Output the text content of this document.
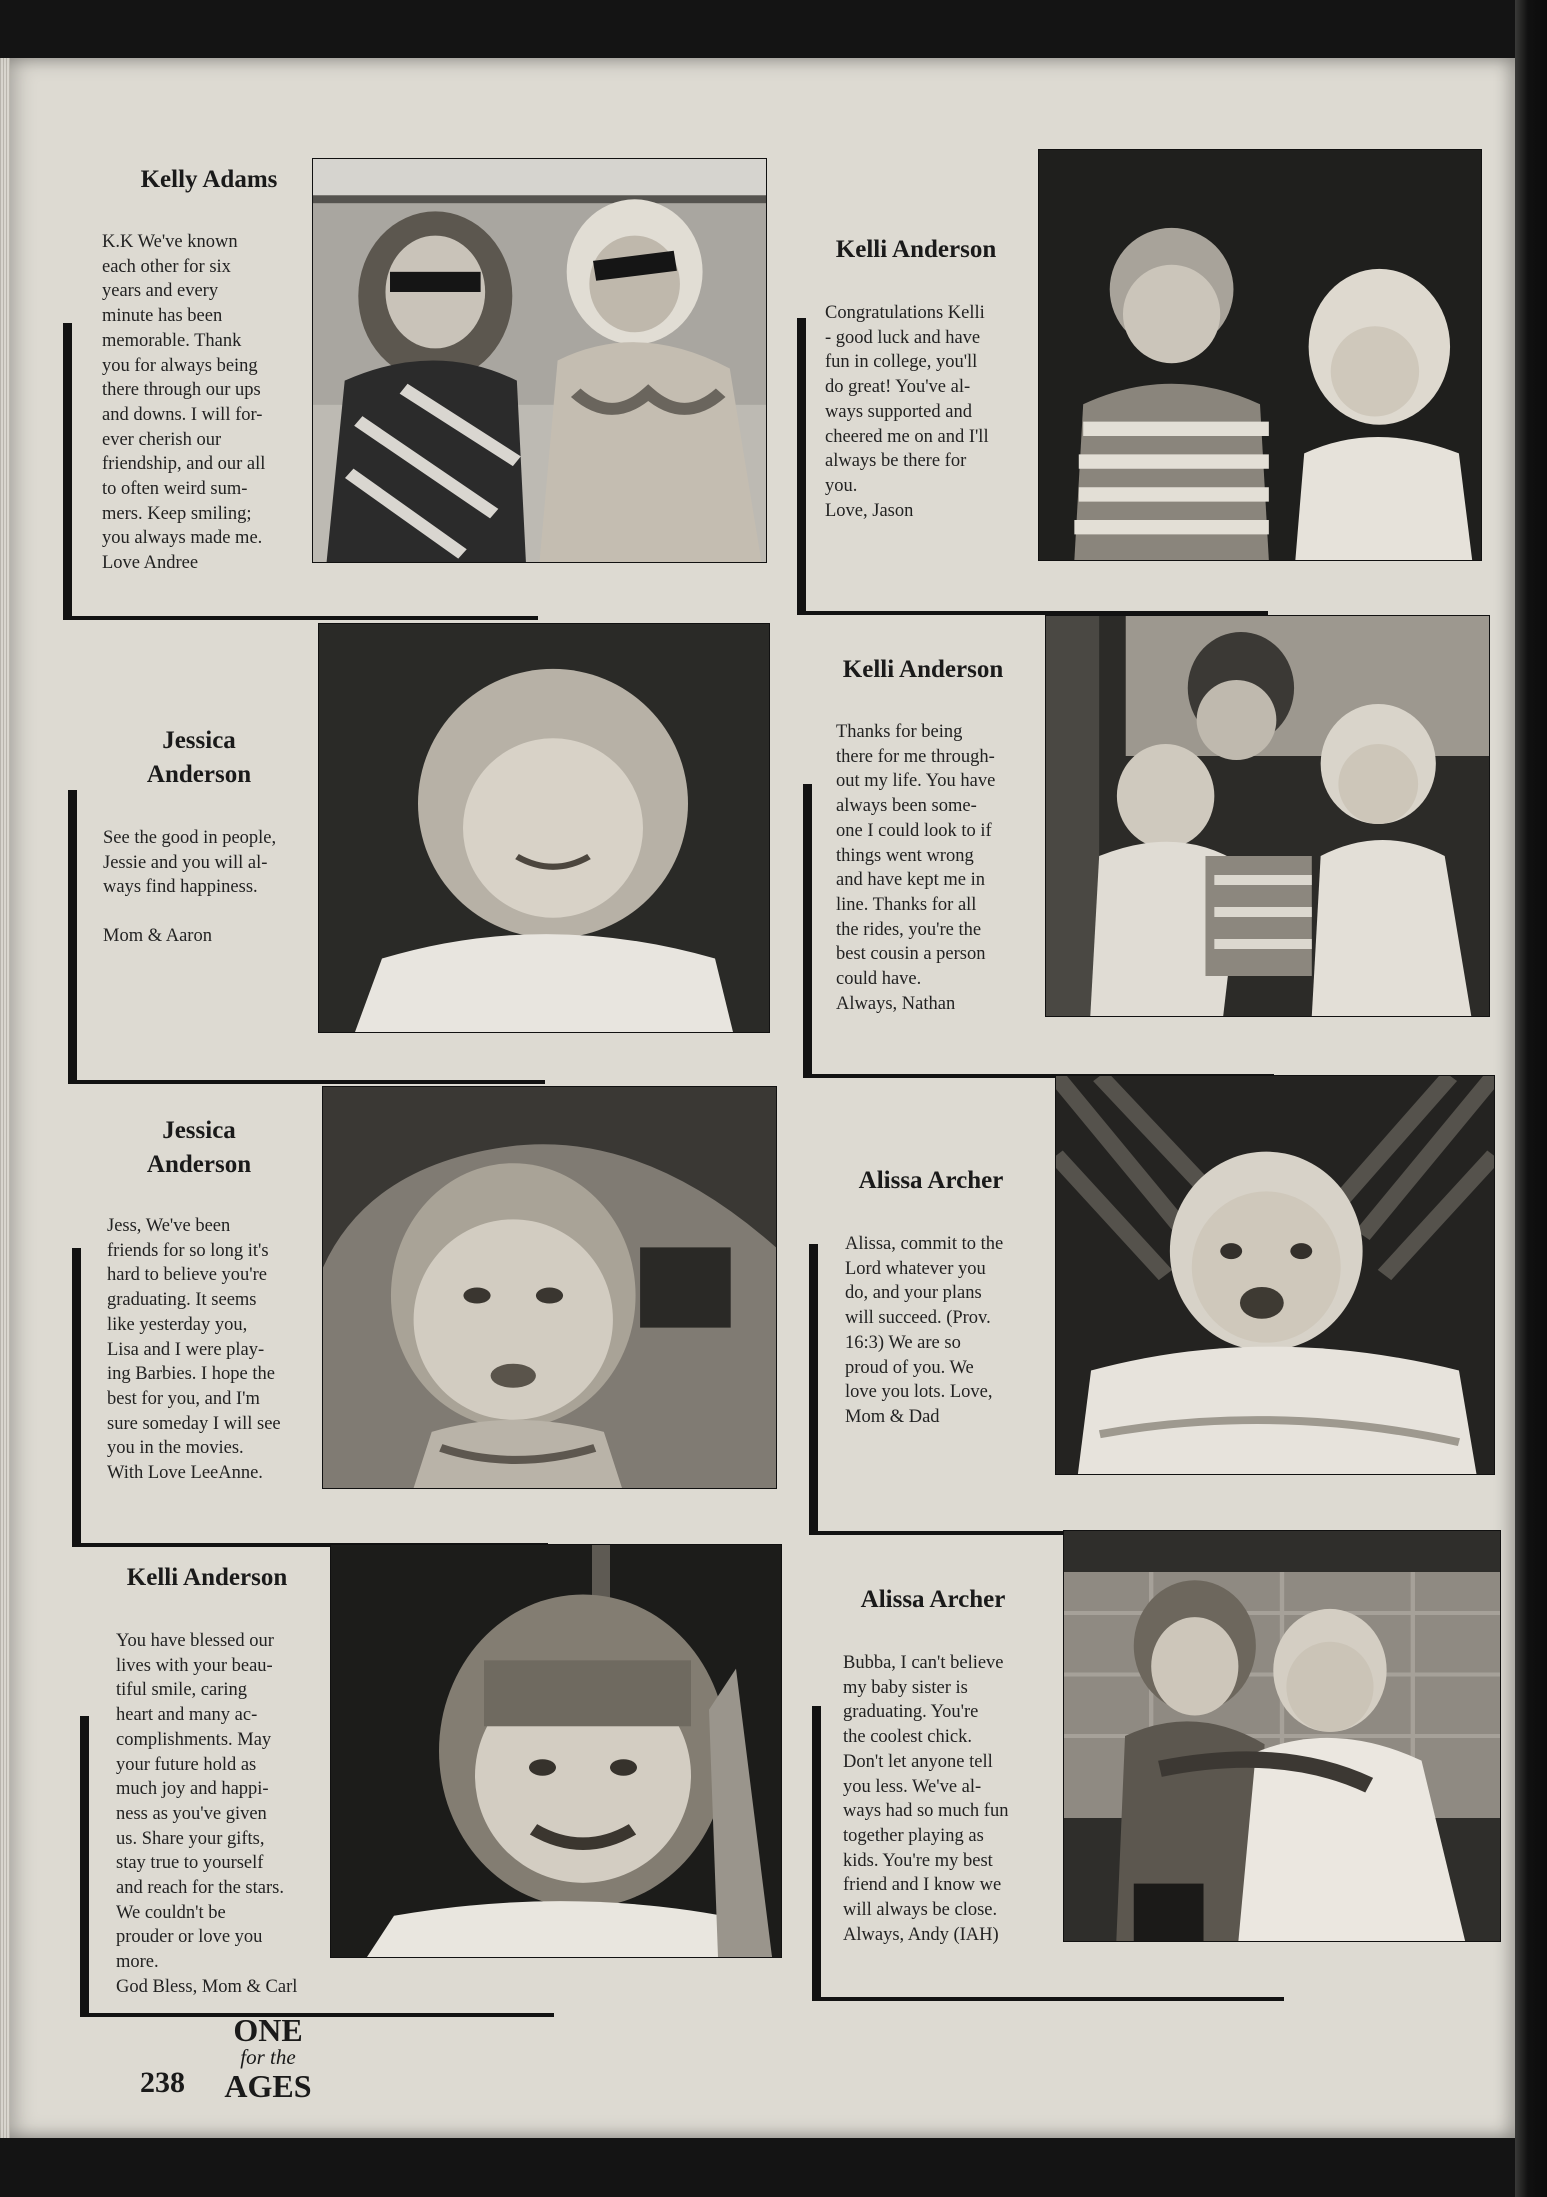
Kelly Adams
K.K We've known
each other for six
years and every
minute has been
memorable. Thank
you for always being
there through our ups
and downs. I will for-
ever cherish our
friendship, and our all
to often weird sum-
mers. Keep smiling;
you always made me.
Love Andree
Kelli Anderson
Congratulations Kelli
- good luck and have
fun in college, you'll
do great! You've al-
ways supported and
cheered me on and I'll
always be there for
you.
Love, Jason
Jessica
Anderson
See the good in people,
Jessie and you will al-
ways find happiness.
Mom & Aaron
Kelli Anderson
Thanks for being
there for me through-
out my life. You have
always been some-
one I could look to if
things went wrong
and have kept me in
line. Thanks for all
the rides, you're the
best cousin a person
could have.
Always, Nathan
Jessica
Anderson
Jess, We've been
friends for so long it's
hard to believe you're
graduating. It seems
like yesterday you,
Lisa and I were play-
ing Barbies. I hope the
best for you, and I'm
sure someday I will see
you in the movies.
With Love LeeAnne.
Alissa Archer
Alissa, commit to the
Lord whatever you
do, and your plans
will succeed. (Prov.
16:3) We are so
proud of you. We
love you lots. Love,
Mom & Dad
Kelli Anderson
You have blessed our
lives with your beau-
tiful smile, caring
heart and many ac-
complishments. May
your future hold as
much joy and happi-
ness as you've given
us. Share your gifts,
stay true to yourself
and reach for the stars.
We couldn't be
prouder or love you
more.
God Bless, Mom & Carl
Alissa Archer
Bubba, I can't believe
my baby sister is
graduating. You're
the coolest chick.
Don't let anyone tell
you less. We've al-
ways had so much fun
together playing as
kids. You're my best
friend and I know we
will always be close.
Always, Andy (IAH)
238
ONE
for the
AGES
